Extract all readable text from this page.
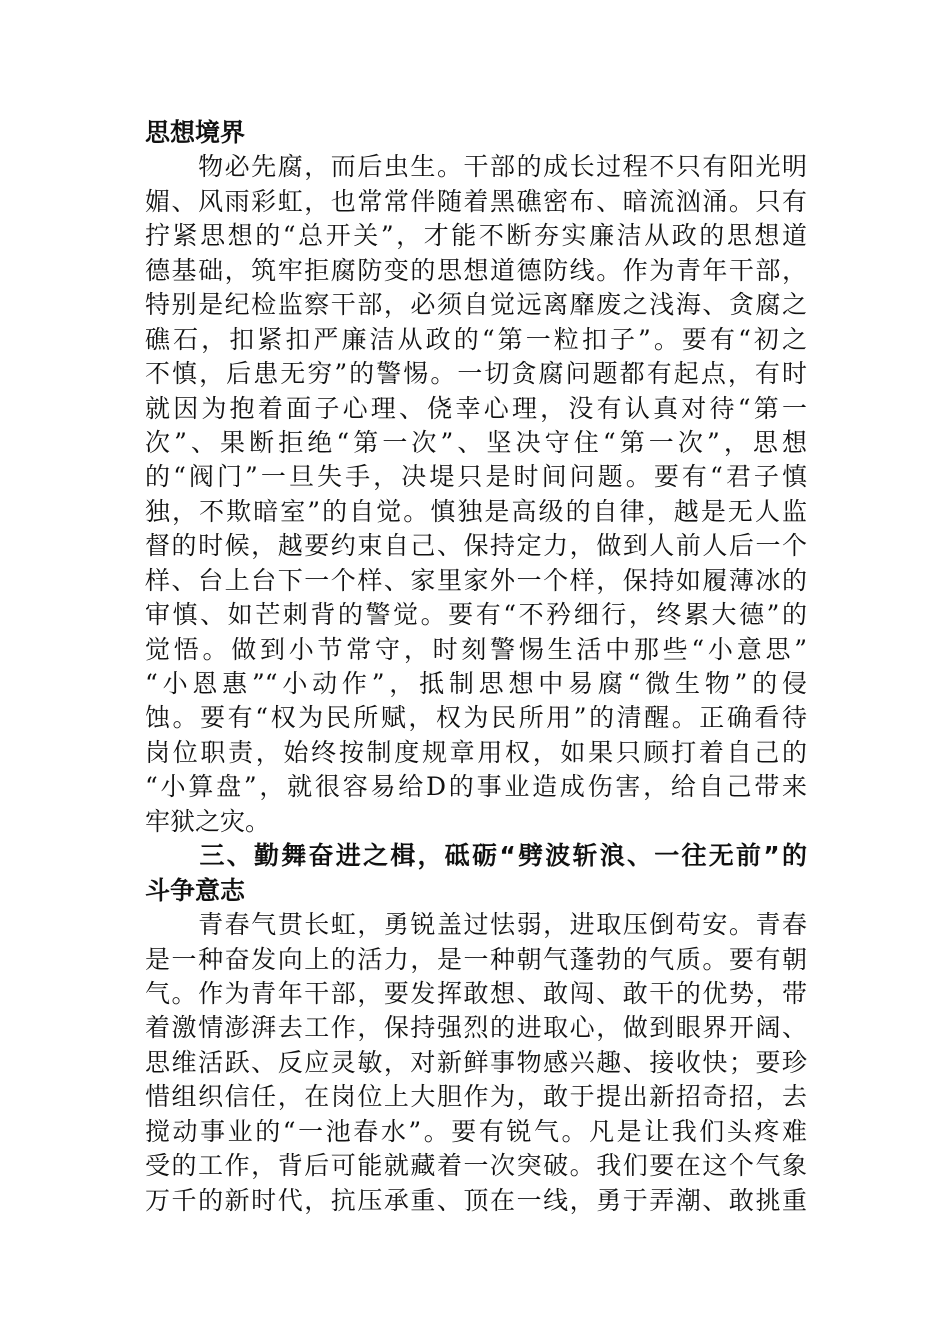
思想境界
　　物必先腐，而后虫生。干部的成长过程不只有阳光明
媚、风雨彩虹，也常常伴随着黑礁密布、暗流汹涌。只有
拧紧思想的“总开关”，才能不断夯实廉洁从政的思想道
德基础，筑牢拒腐防变的思想道德防线。作为青年干部，
特别是纪检监察干部，必须自觉远离靡废之浅海、贪腐之
礁石，扣紧扣严廉洁从政的“第一粒扣子”。要有“初之
不慎，后患无穷”的警惕。一切贪腐问题都有起点，有时
就因为抱着面子心理、侥幸心理，没有认真对待“第一
次”、果断拒绝“第一次”、坚决守住“第一次”，思想
的“阀门”一旦失手，决堤只是时间问题。要有“君子慎
独，不欺暗室”的自觉。慎独是高级的自律，越是无人监
督的时候，越要约束自己、保持定力，做到人前人后一个
样、台上台下一个样、家里家外一个样，保持如履薄冰的
审慎、如芒刺背的警觉。要有“不矜细行，终累大德”的
觉悟。做到小节常守，时刻警惕生活中那些“小意思”
“小恩惠”“小动作”，抵制思想中易腐“微生物”的侵
蚀。要有“权为民所赋，权为民所用”的清醒。正确看待
岗位职责，始终按制度规章用权，如果只顾打着自己的
“小算盘”，就很容易给D的事业造成伤害，给自己带来
牢狱之灾。
　　三、勤舞奋进之楫，砥砺“劈波斩浪、一往无前”的
斗争意志
　　青春气贯长虹，勇锐盖过怯弱，进取压倒苟安。青春
是一种奋发向上的活力，是一种朝气蓬勃的气质。要有朝
气。作为青年干部，要发挥敢想、敢闯、敢干的优势，带
着激情澎湃去工作，保持强烈的进取心，做到眼界开阔、
思维活跃、反应灵敏，对新鲜事物感兴趣、接收快；要珍
惜组织信任，在岗位上大胆作为，敢于提出新招奇招，去
搅动事业的“一池春水”。要有锐气。凡是让我们头疼难
受的工作，背后可能就藏着一次突破。我们要在这个气象
万千的新时代，抗压承重、顶在一线，勇于弄潮、敢挑重
